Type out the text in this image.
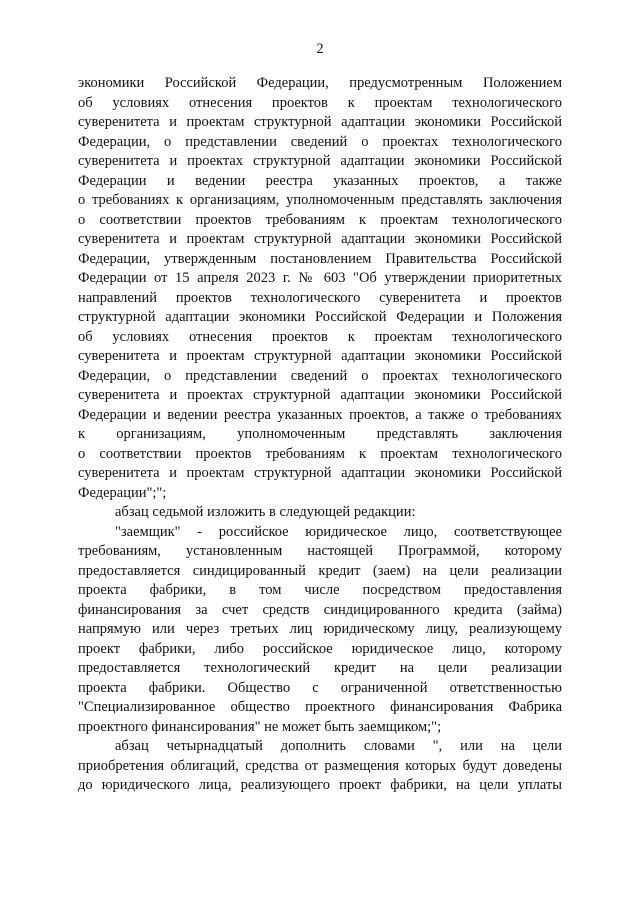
2
экономики Российской Федерации, предусмотренным Положением
об условиях отнесения проектов к проектам технологического
суверенитета и проектам структурной адаптации экономики Российской
Федерации, о представлении сведений о проектах технологического
суверенитета и проектах структурной адаптации экономики Российской
Федерации и ведении реестра указанных проектов, а также
о требованиях к организациям, уполномоченным представлять заключения
о соответствии проектов требованиям к проектам технологического
суверенитета и проектам структурной адаптации экономики Российской
Федерации, утвержденным постановлением Правительства Российской
Федерации от 15 апреля 2023 г. № 603 "Об утверждении приоритетных
направлений проектов технологического суверенитета и проектов
структурной адаптации экономики Российской Федерации и Положения
об условиях отнесения проектов к проектам технологического
суверенитета и проектам структурной адаптации экономики Российской
Федерации, о представлении сведений о проектах технологического
суверенитета и проектах структурной адаптации экономики Российской
Федерации и ведении реестра указанных проектов, а также о требованиях
к организациям, уполномоченным представлять заключения
о соответствии проектов требованиям к проектам технологического
суверенитета и проектам структурной адаптации экономики Российской
Федерации";";
абзац седьмой изложить в следующей редакции:
"заемщик" - российское юридическое лицо, соответствующее
требованиям, установленным настоящей Программой, которому
предоставляется синдицированный кредит (заем) на цели реализации
проекта фабрики, в том числе посредством предоставления
финансирования за счет средств синдицированного кредита (займа)
напрямую или через третьих лиц юридическому лицу, реализующему
проект фабрики, либо российское юридическое лицо, которому
предоставляется технологический кредит на цели реализации
проекта фабрики. Общество с ограниченной ответственностью
"Специализированное общество проектного финансирования Фабрика
проектного финансирования" не может быть заемщиком;";
абзац четырнадцатый дополнить словами ", или на цели
приобретения облигаций, средства от размещения которых будут доведены
до юридического лица, реализующего проект фабрики, на цели уплаты
